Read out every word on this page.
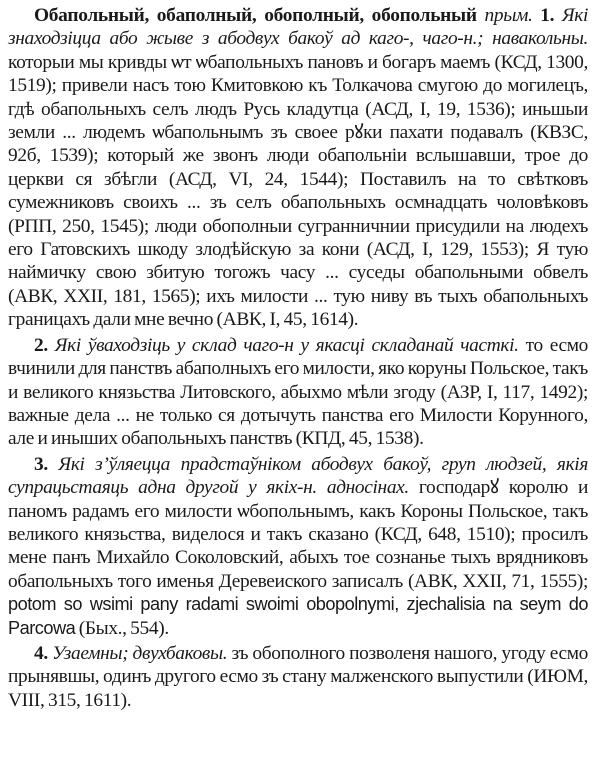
Обапольный, обаполный, обополный, обопольный прым. 1. Які знаходзіцца або жыве з абодвух бакоў ад каго-, чаго-н.; навакольны. которыи мы кривды ѡт ѡбапольныхъ пановъ и богаръ маемъ (КСД, 1300, 1519); привели насъ тою Кмитовкою къ Толкачова смугою до могилецъ, гдѣ обапольныхъ селъ людъ Русь кладутца (АСД, І, 19, 1536); иньшыи земли ... людемъ ѡбапольнымъ зъ своее рꙋки пахати подавалъ (КВЗС, 92б, 1539); который же звонъ люди обапольніи вслышавши, трое до церкви ся збѣгли (АСД, VІ, 24, 1544); Поставилъ на то свѣтковъ сумежниковъ своихъ ... зъ селъ обапольныхъ осмнадцать чоловѣковъ (РПП, 250, 1545); люди обополныи сугранничнии присудили на людехъ его Гатовскихъ шкоду злодѣйскую за кони (АСД, І, 129, 1553); Я тую наймичку свою збитую тогожъ часу ... суседы обапольными обвелъ (АВК, ХХІІ, 181, 1565); ихъ милости ... тую ниву въ тыхъ обапольныхъ границахъ дали мне вечно (АВК, І, 45, 1614).

2. Які ўваходзіць у склад чаго-н у якасці складанай часткі. то есмо вчинили для панствъ абаполныхъ его милости, яко коруны Польское, такъ и великого князьства Литовского, абыхмо мѣли згоду (АЗР, І, 117, 1492); важные дела ... не только ся дотычуть панства его Милости Корунного, але и иныших обапольныхъ панствъ (КПД, 45, 1538).

3. Які з’ўляецца прадстаўніком абодвух бакоў, груп людзей, якія супрацьстаяць адна другой у якіх-н. адносінах. господарꙋ королю и паномъ радамъ его милости ѡбопольнымъ, какъ Короны Польское, такъ великого князьства, виделося и такъ сказано (КСД, 648, 1510); просилъ мене панъ Михайло Соколовский, абыхъ тое сознанье тыхъ врядниковъ обапольныхъ того именья Деревеиского записалъ (АВК, ХХІІ, 71, 1555); potom so wsimi pany radami swoimi obopolnymi, zjechalisia na seym do Parcowa (Бых., 554).

4. Узаемны; двухбаковы. зъ обополного позволеня нашого, угоду есмо прынявшы, одинъ другого есмо зъ стану малженского выпустили (ИЮМ, VІІІ, 315, 1611).
